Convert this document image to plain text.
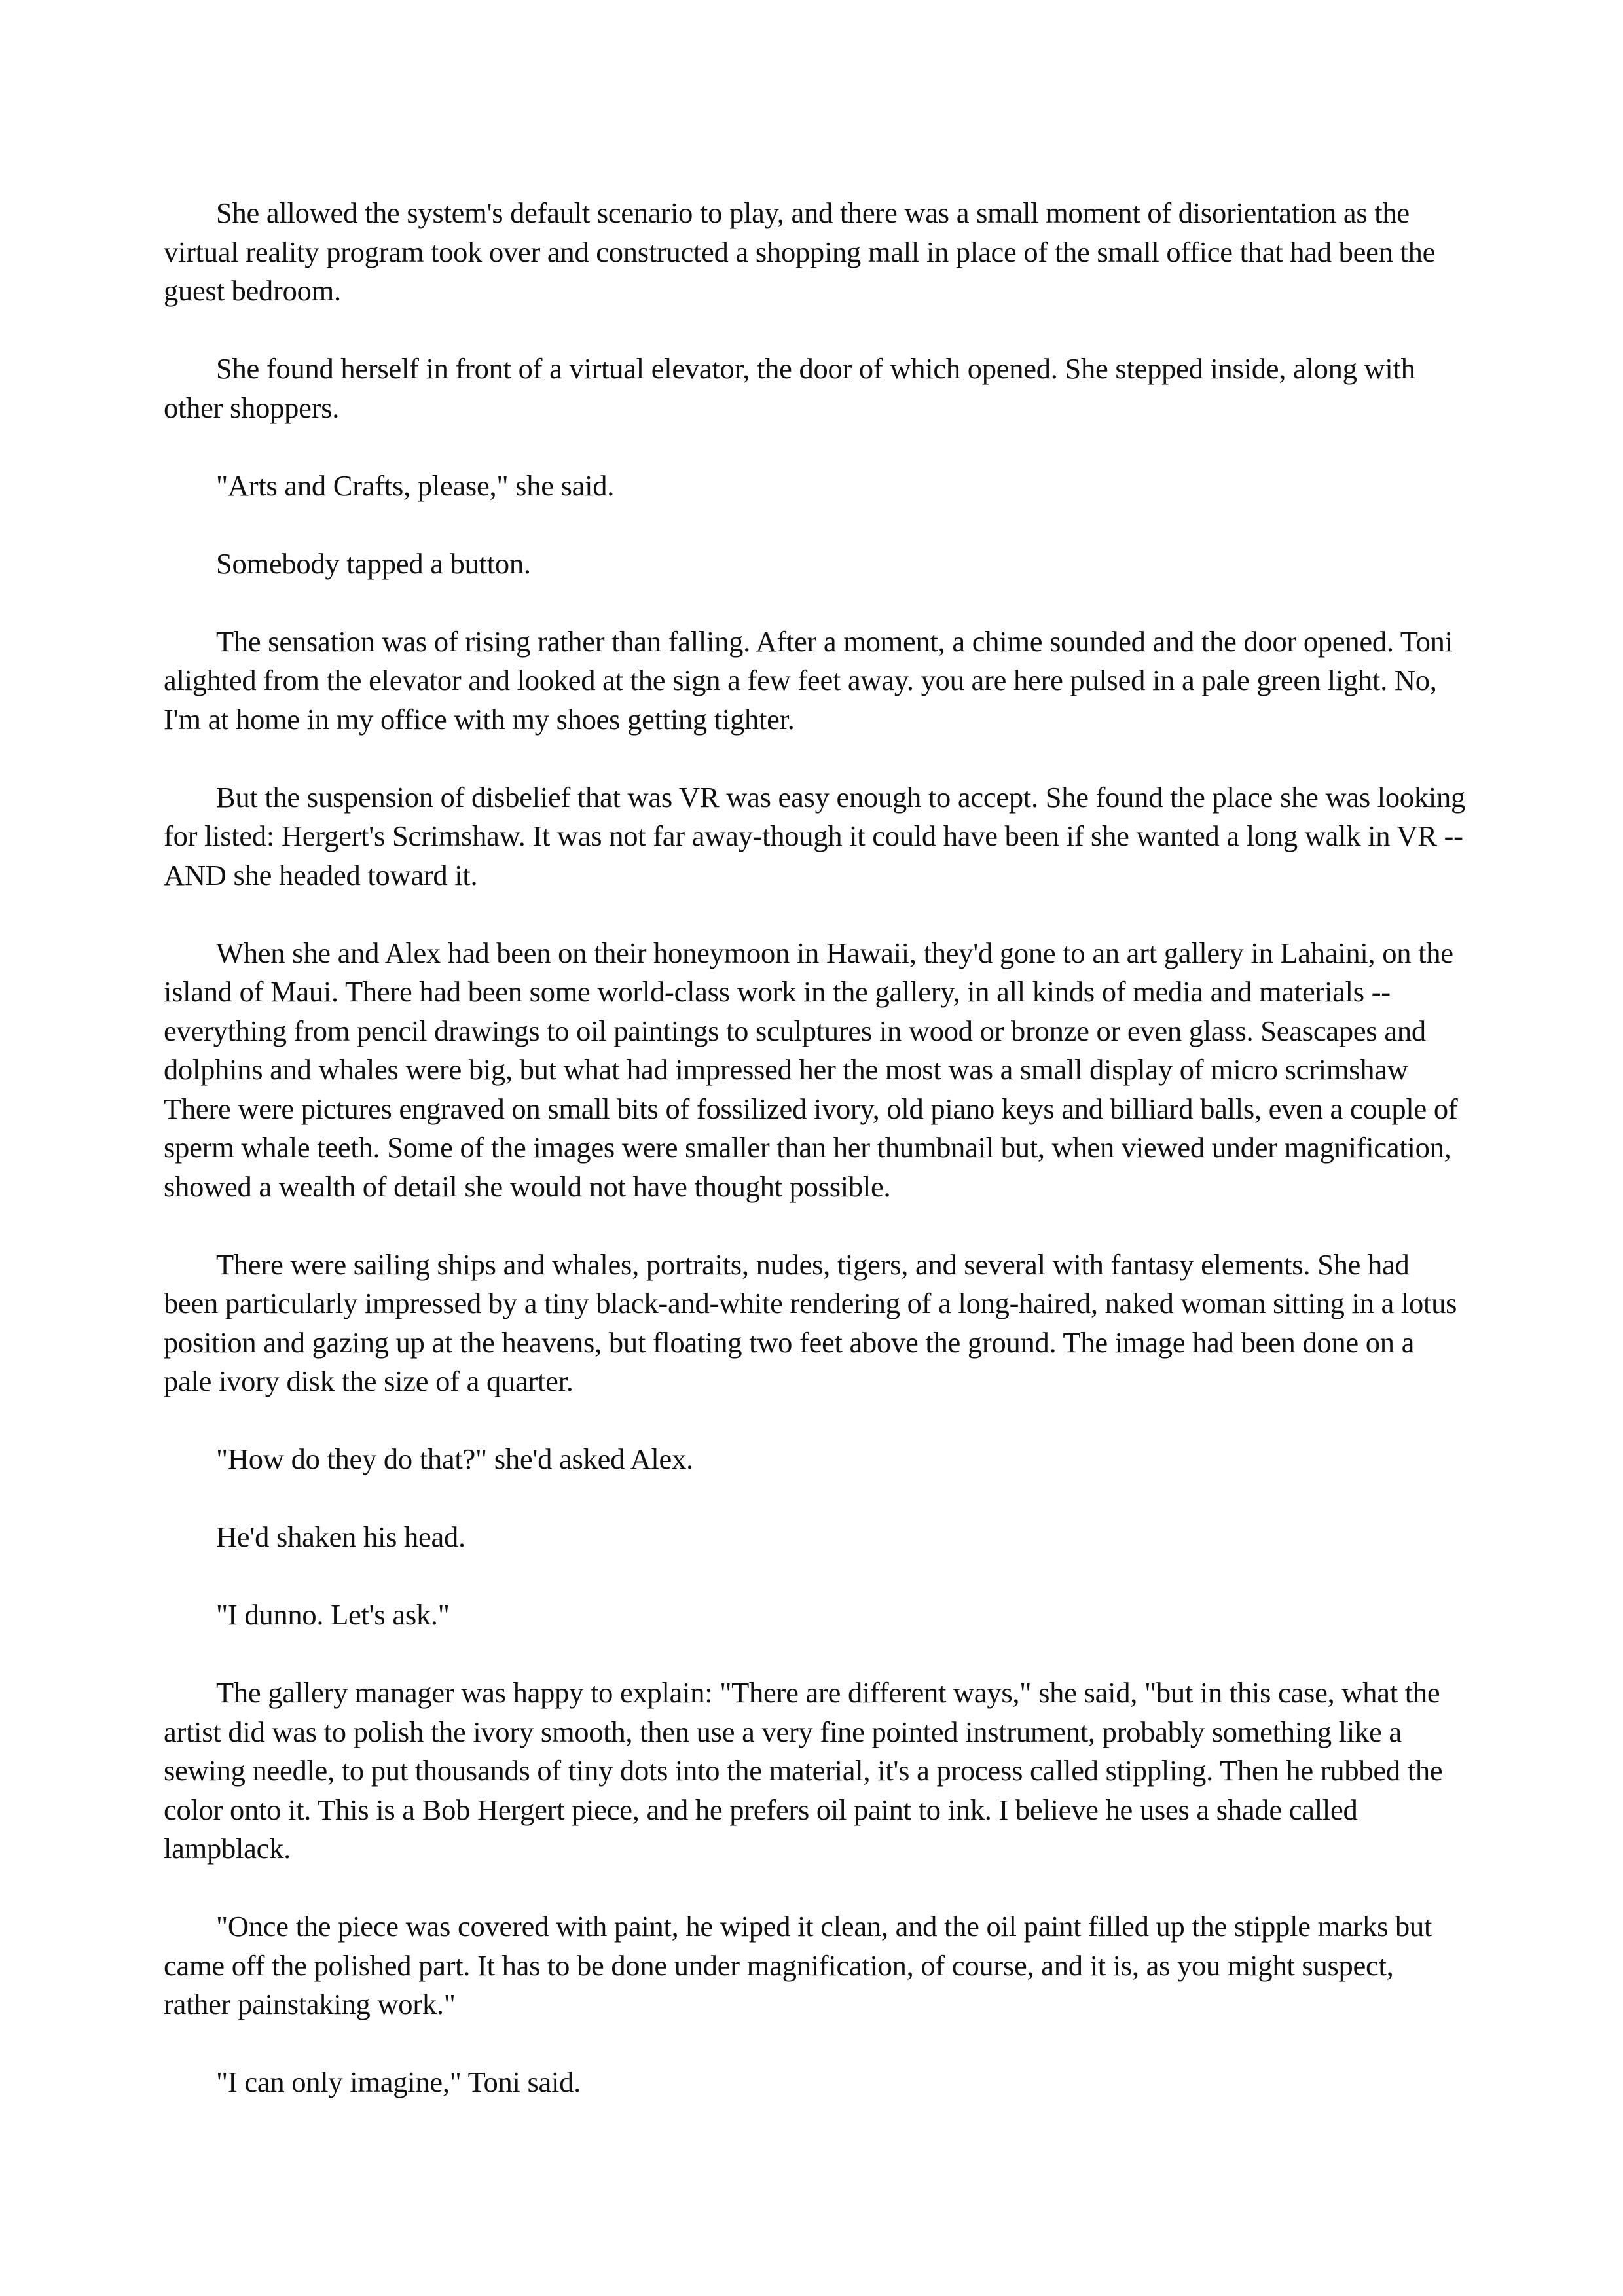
She allowed the system's default scenario to play, and there was a small moment of disorientation as the virtual reality program took over and constructed a shopping mall in place of the small office that had been the guest bedroom.

She found herself in front of a virtual elevator, the door of which opened. She stepped inside, along with other shoppers.

"Arts and Crafts, please," she said.

Somebody tapped a button.

The sensation was of rising rather than falling. After a moment, a chime sounded and the door opened. Toni alighted from the elevator and looked at the sign a few feet away. you are here pulsed in a pale green light. No, I'm at home in my office with my shoes getting tighter.

But the suspension of disbelief that was VR was easy enough to accept. She found the place she was looking for listed: Hergert's Scrimshaw. It was not far away-though it could have been if she wanted a long walk in VR -- AND she headed toward it.

When she and Alex had been on their honeymoon in Hawaii, they'd gone to an art gallery in Lahaini, on the island of Maui. There had been some world-class work in the gallery, in all kinds of media and materials -- everything from pencil drawings to oil paintings to sculptures in wood or bronze or even glass. Seascapes and dolphins and whales were big, but what had impressed her the most was a small display of micro scrimshaw There were pictures engraved on small bits of fossilized ivory, old piano keys and billiard balls, even a couple of sperm whale teeth. Some of the images were smaller than her thumbnail but, when viewed under magnification, showed a wealth of detail she would not have thought possible.

There were sailing ships and whales, portraits, nudes, tigers, and several with fantasy elements. She had been particularly impressed by a tiny black-and-white rendering of a long-haired, naked woman sitting in a lotus position and gazing up at the heavens, but floating two feet above the ground. The image had been done on a pale ivory disk the size of a quarter.

"How do they do that?" she'd asked Alex.

He'd shaken his head.

"I dunno. Let's ask."

The gallery manager was happy to explain: "There are different ways," she said, "but in this case, what the artist did was to polish the ivory smooth, then use a very fine pointed instrument, probably something like a sewing needle, to put thousands of tiny dots into the material, it's a process called stippling. Then he rubbed the color onto it. This is a Bob Hergert piece, and he prefers oil paint to ink. I believe he uses a shade called lampblack.

"Once the piece was covered with paint, he wiped it clean, and the oil paint filled up the stipple marks but came off the polished part. It has to be done under magnification, of course, and it is, as you might suspect, rather painstaking work."

"I can only imagine," Toni said.
